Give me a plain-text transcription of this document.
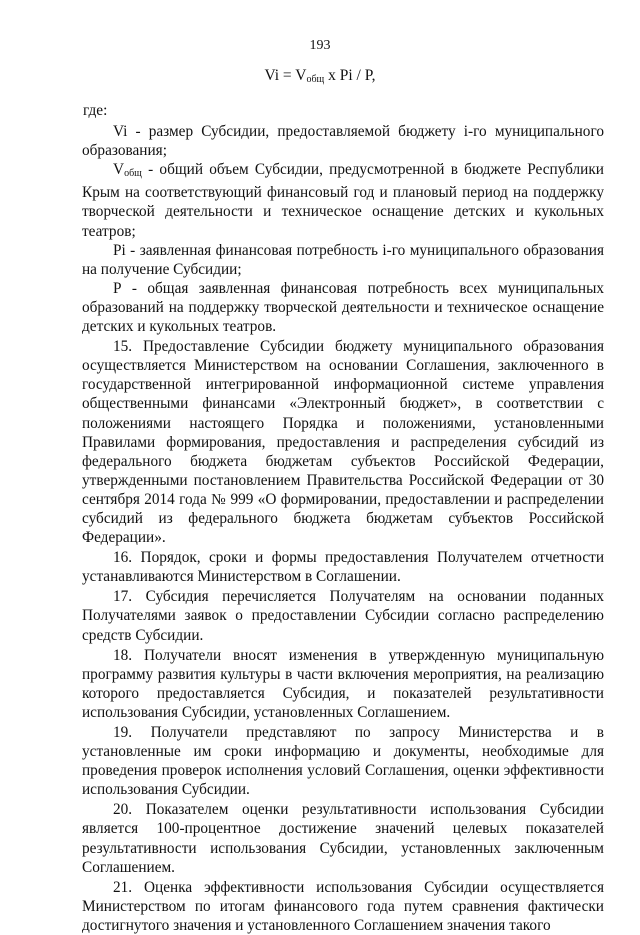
193
$Vi = V_{общ}$ x Pi / P,

где:

Vi - размер Субсидии, предоставляемой бюджету i-го муниципального образования;

$V_{общ}$ - общий объем Субсидии, предусмотренной в бюджете Республики Крым на соответствующий финансовый год и плановый период на поддержку творческой деятельности и техническое оснащение детских и кукольных театров;

Pi - заявленная финансовая потребность i-го муниципального образования на получение Субсидии;

Р - общая заявленная финансовая потребность всех муниципальных образований на поддержку творческой деятельности и техническое оснащение детских и кукольных театров.

15. Предоставление Субсидии бюджету муниципального образования осуществляется Министерством на основании Соглашения, заключенного в государственной интегрированной информационной системе управления общественными финансами «Электронный бюджет», в соответствии с положениями настоящего Порядка и положениями, установленными Правилами формирования, предоставления и распределения субсидий из федерального бюджета бюджетам субъектов Российской Федерации, утвержденными постановлением Правительства Российской Федерации от 30 сентября 2014 года № 999 «О формировании, предоставлении и распределении субсидий из федерального бюджета бюджетам субъектов Российской Федерации».

16. Порядок, сроки и формы предоставления Получателем отчетности устанавливаются Министерством в Соглашении.

17. Субсидия перечисляется Получателям на основании поданных Получателями заявок о предоставлении Субсидии согласно распределению средств Субсидии.

18. Получатели вносят изменения в утвержденную муниципальную программу развития культуры в части включения мероприятия, на реализацию которого предоставляется Субсидия, и показателей результативности использования Субсидии, установленных Соглашением.

19. Получатели представляют по запросу Министерства и в установленные им сроки информацию и документы, необходимые для проведения проверок исполнения условий Соглашения, оценки эффективности использования Субсидии.

20. Показателем оценки результативности использования Субсидии является 100-процентное достижение значений целевых показателей результативности использования Субсидии, установленных заключенным Соглашением.

21. Оценка эффективности использования Субсидии осуществляется Министерством по итогам финансового года путем сравнения фактически достигнутого значения и установленного Соглашением значения такого
